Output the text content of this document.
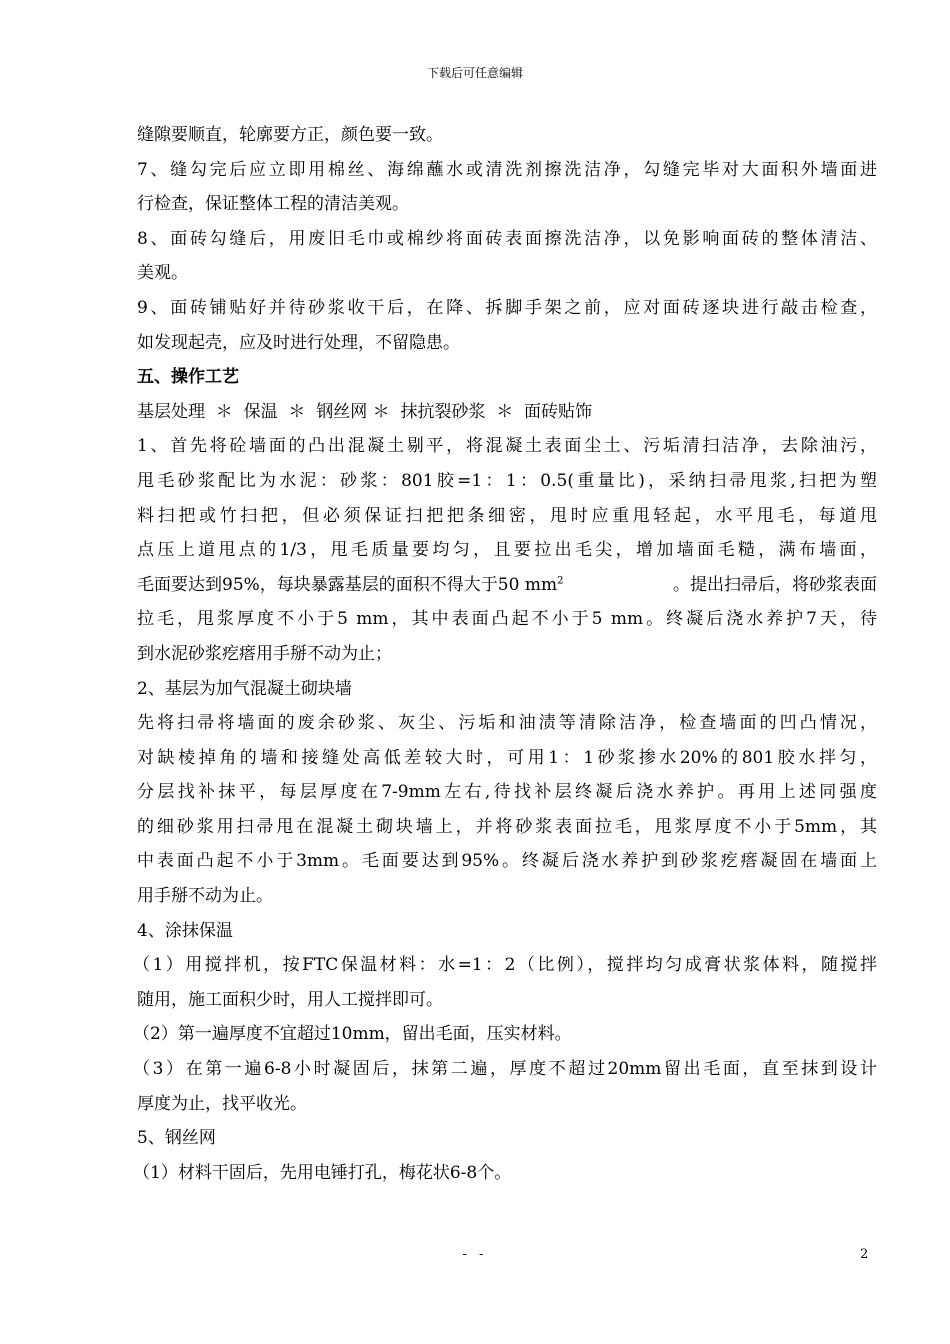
下载后可任意编辑
缝隙要顺直，轮廓要方正，颜色要一致。
7、缝勾完后应立即用棉丝、海绵蘸水或清洗剂擦洗洁净，勾缝完毕对大面积外墙面进
行检查，保证整体工程的清洁美观。
8、面砖勾缝后，用废旧毛巾或棉纱将面砖表面擦洗洁净，以免影响面砖的整体清洁、
美观。
9、面砖铺贴好并待砂浆收干后，在降、拆脚手架之前，应对面砖逐块进行敲击检查，
如发现起壳，应及时进行处理，不留隐患。
五、操作工艺
基层处理  ＊  保温  ＊  钢丝网 ＊  抹抗裂砂浆  ＊  面砖贴饰
1、首先将砼墙面的凸出混凝土剔平，将混凝土表面尘土、污垢清扫洁净，去除油污，
甩毛砂浆配比为水泥：砂浆：801胶=1：1：0.5(重量比)，采纳扫帚甩浆,扫把为塑
料扫把或竹扫把，但必须保证扫把把条细密，甩时应重甩轻起，水平甩毛，每道甩
点压上道甩点的1/3，甩毛质量要均匀，且要拉出毛尖，增加墙面毛糙，满布墙面，
毛面要达到95%，每块暴露基层的面积不得大于50 $mm^2$	。提出扫帚后，将砂浆表面
拉毛，甩浆厚度不小于5 mm，其中表面凸起不小于5 mm。终凝后浇水养护7天，待
到水泥砂浆疙瘩用手掰不动为止；
2、基层为加气混凝土砌块墙
先将扫帚将墙面的废余砂浆、灰尘、污垢和油渍等清除洁净，检查墙面的凹凸情况，
对缺棱掉角的墙和接缝处高低差较大时，可用1：1砂浆掺水20%的801胶水拌匀，
分层找补抹平，每层厚度在7-9mm左右,待找补层终凝后浇水养护。再用上述同强度
的细砂浆用扫帚甩在混凝土砌块墙上，并将砂浆表面拉毛，甩浆厚度不小于5mm，其
中表面凸起不小于3mm。毛面要达到95%。终凝后浇水养护到砂浆疙瘩凝固在墙面上
用手掰不动为止。
4、涂抹保温
（1）用搅拌机，按FTC保温材料：水=1：2（比例），搅拌均匀成膏状浆体料，随搅拌
随用，施工面积少时，用人工搅拌即可。
（2）第一遍厚度不宜超过10mm，留出毛面，压实材料。
（3）在第一遍6-8小时凝固后，抹第二遍，厚度不超过20mm留出毛面，直至抹到设计
厚度为止，找平收光。
5、钢丝网
（1）材料干固后，先用电锤打孔，梅花状6-8个。
- -	2
